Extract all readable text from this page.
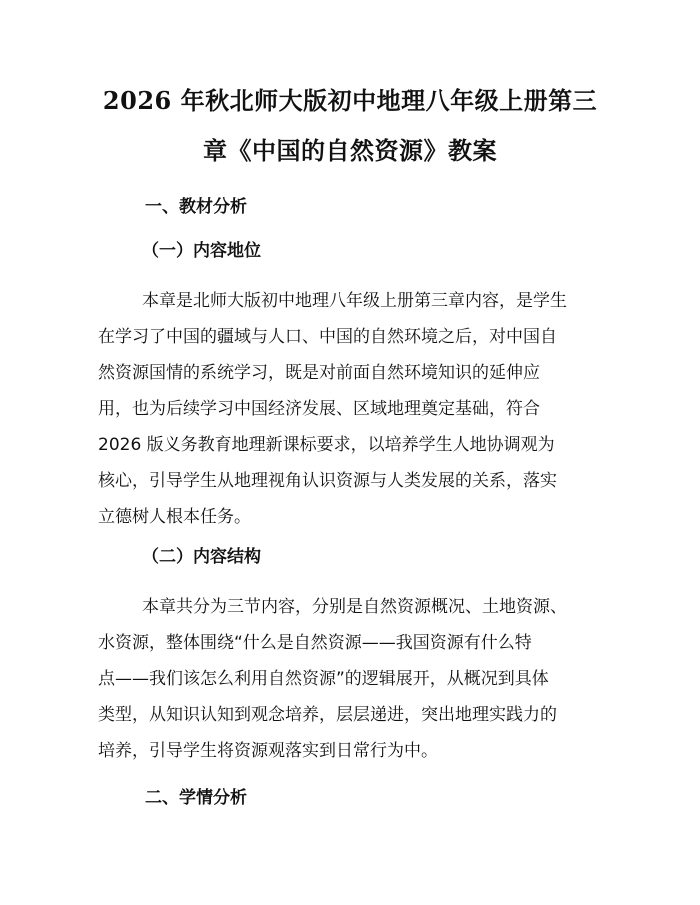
2026 年秋北师大版初中地理八年级上册第三
章《中国的自然资源》教案
一、教材分析
（一）内容地位
本章是北师大版初中地理八年级上册第三章内容，是学生
在学习了中国的疆域与人口、中国的自然环境之后，对中国自
然资源国情的系统学习，既是对前面自然环境知识的延伸应
用，也为后续学习中国经济发展、区域地理奠定基础，符合
2026 版义务教育地理新课标要求，以培养学生人地协调观为
核心，引导学生从地理视角认识资源与人类发展的关系，落实
立德树人根本任务。
（二）内容结构
本章共分为三节内容，分别是自然资源概况、土地资源、
水资源，整体围绕“什么是自然资源——我国资源有什么特
点——我们该怎么利用自然资源”的逻辑展开，从概况到具体
类型，从知识认知到观念培养，层层递进，突出地理实践力的
培养，引导学生将资源观落实到日常行为中。
二、学情分析
